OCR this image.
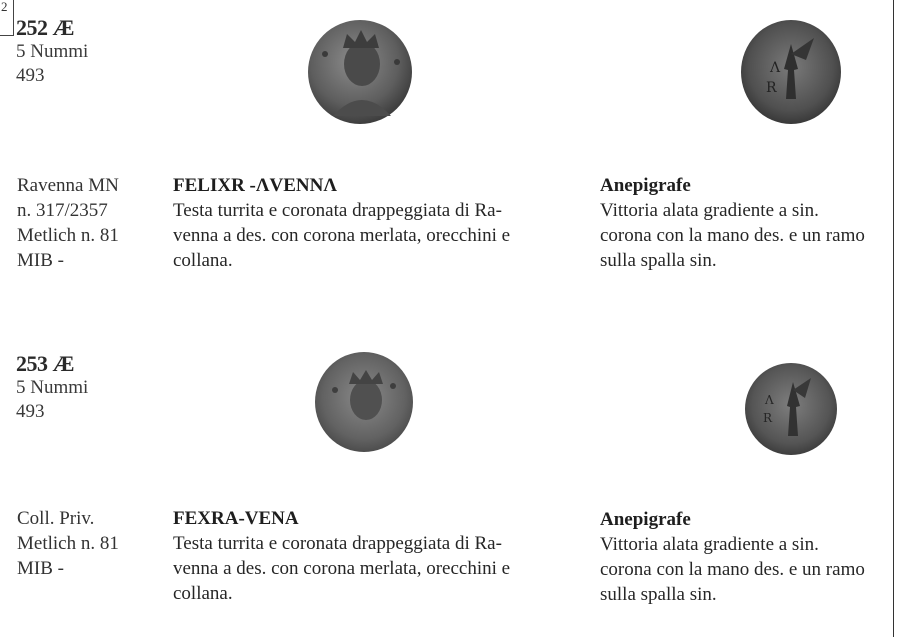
2
252 Æ
5 Nummi
493	Λ
R
Ravenna MN
n. 317/2357
Metlich n. 81
MIB -
FELIXR -ΛVENNΛ
Testa turrita e coronata drappeggiata di Ra-
venna a des. con corona merlata, orecchini e
collana.
Anepigrafe
Vittoria alata gradiente a sin.
corona con la mano des. e un ramo
sulla spalla sin.
253 Æ
5 Nummi
493
Λ
R
Coll. Priv.
Metlich n. 81
MIB -
FEXRA-VENA
Testa turrita e coronata drappeggiata di Ra-
venna a des. con corona merlata, orecchini e
collana.
Anepigrafe
Vittoria alata gradiente a sin.
corona con la mano des. e un ramo
sulla spalla sin.
